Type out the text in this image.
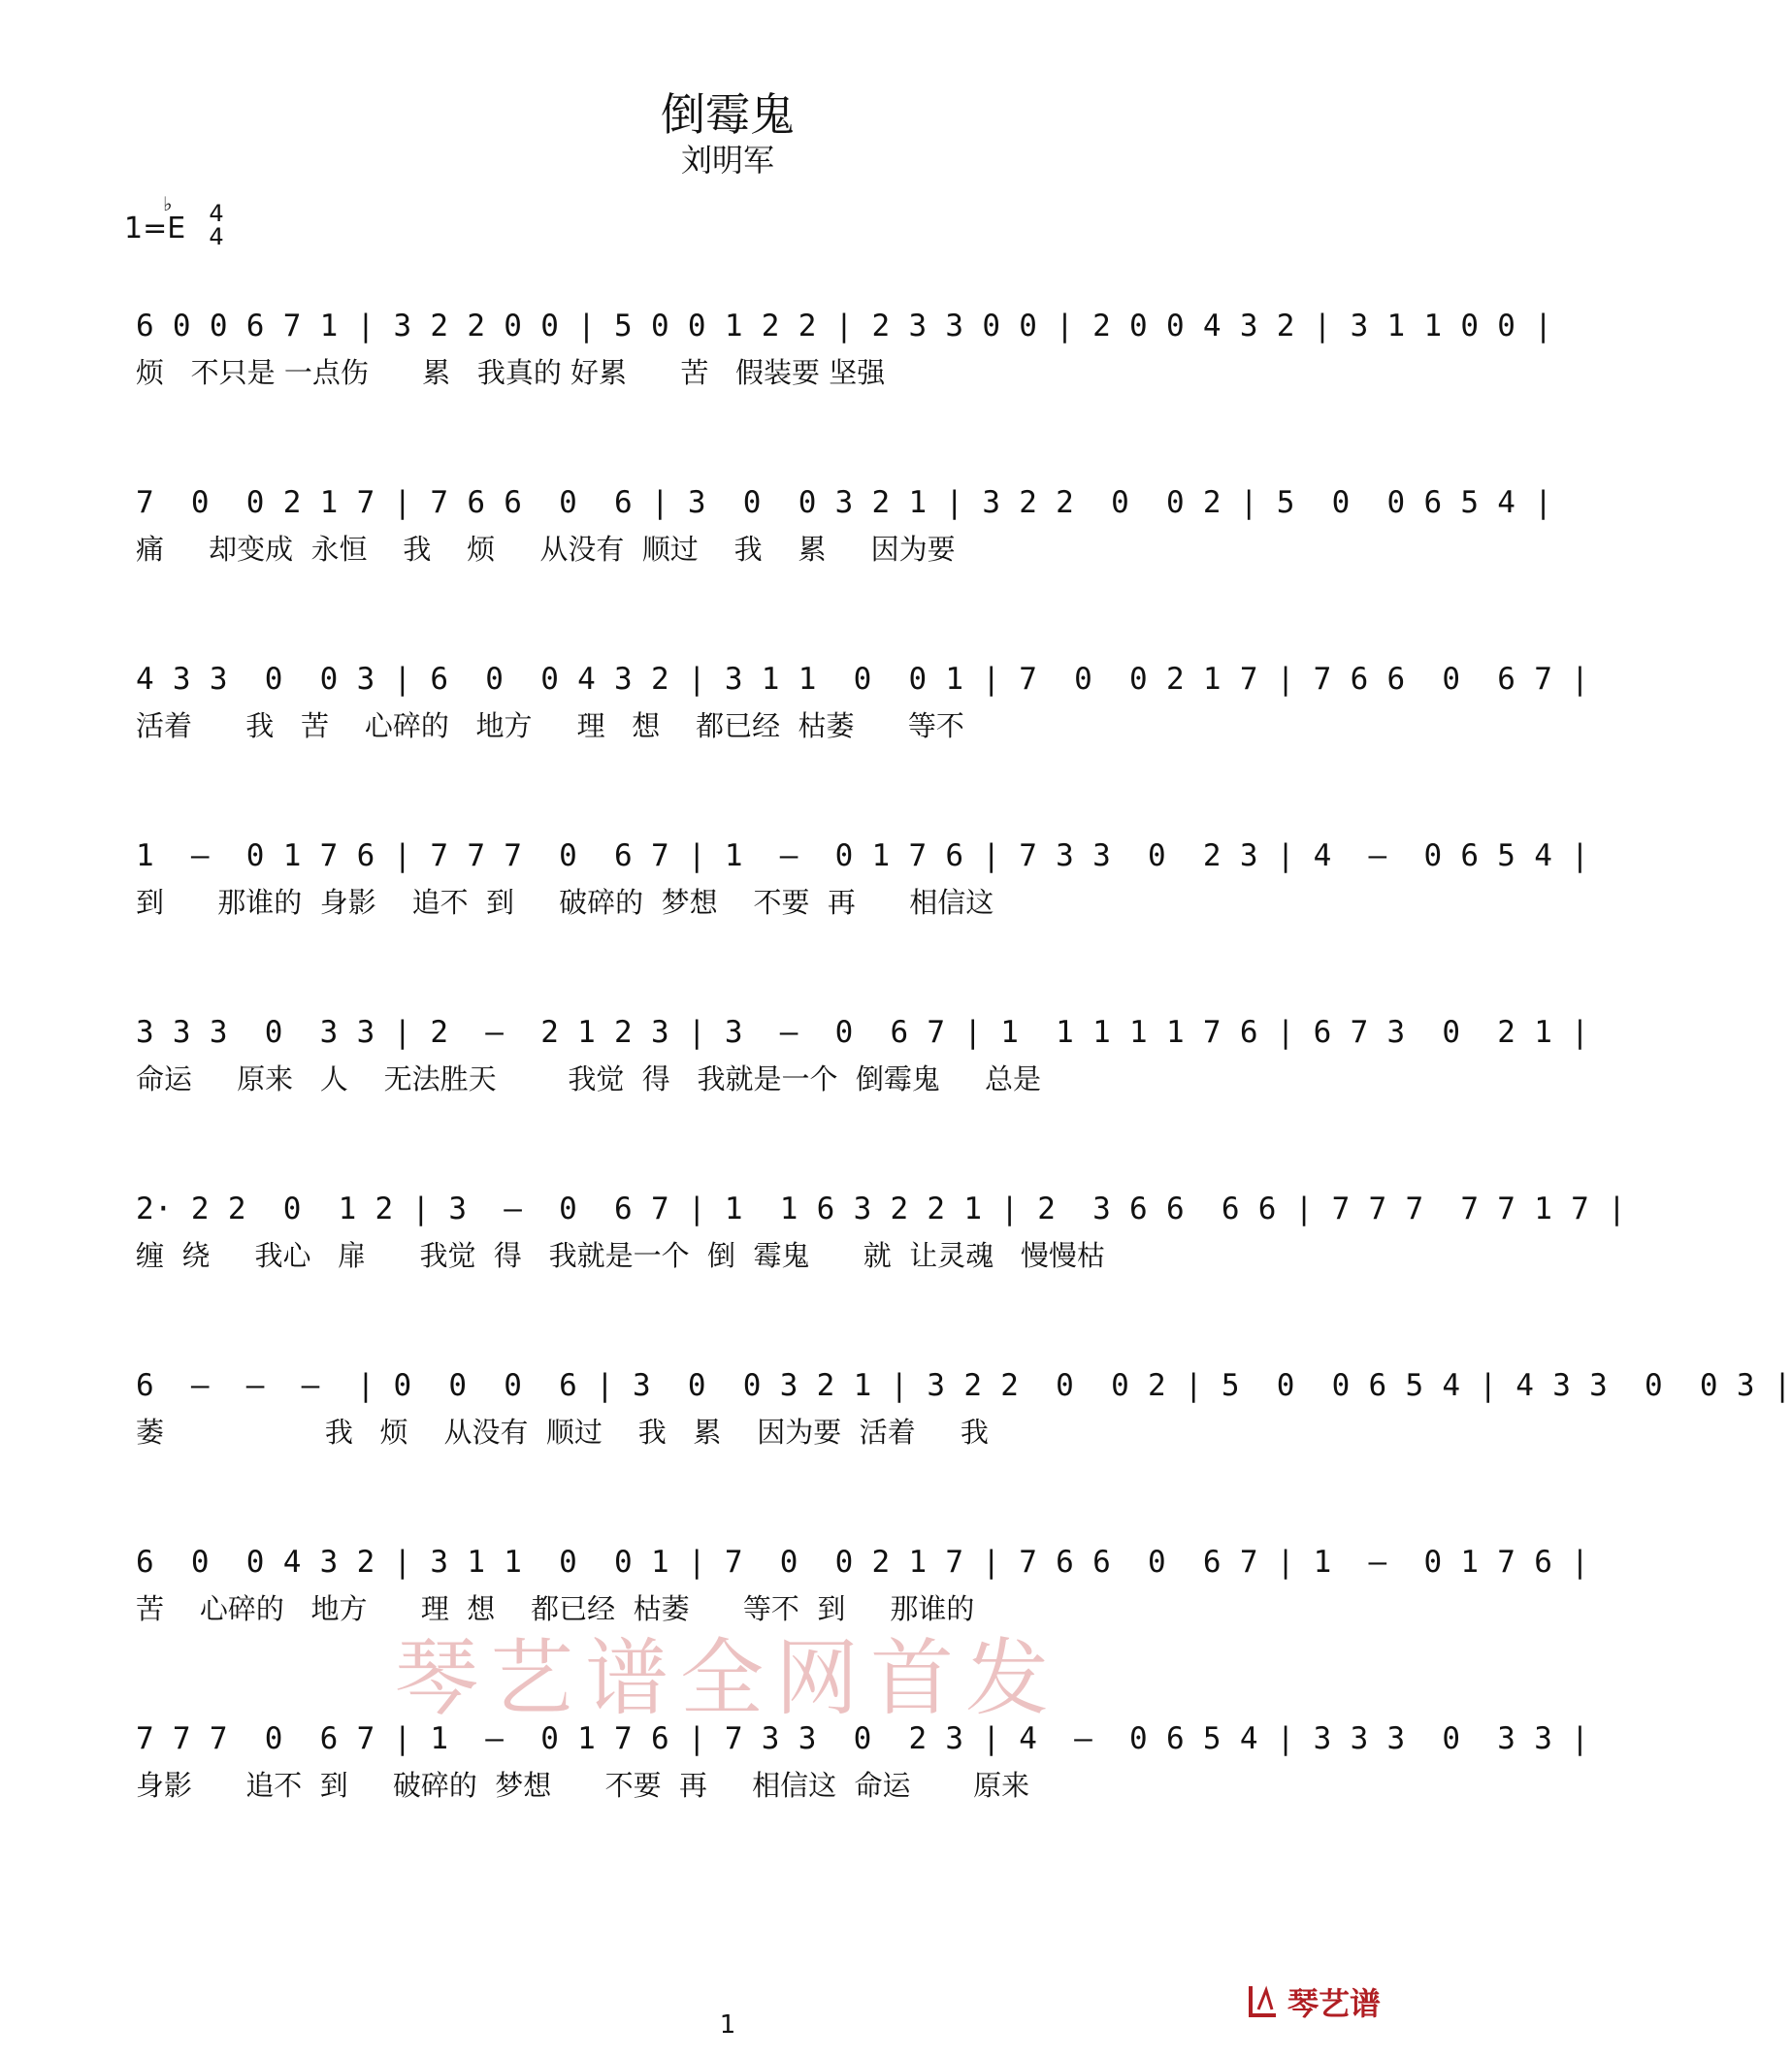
倒霉鬼
刘明军
1=E
♭ 4
4
6 0 0 6 7 1 | 3 2 2 0 0 | 5 0 0 1 2 2 | 2 3 3 0 0 | 2 0 0 4 3 2 | 3 1 1 0 0 |
烦   不只是 一点伤      累   我真的 好累      苦   假装要 坚强
7  0  0 2 1 7 | 7 6 6  0  6 | 3  0  0 3 2 1 | 3 2 2  0  0 2 | 5  0  0 6 5 4 |
痛     却变成  永恒    我    烦     从没有  顺过    我    累     因为要
4 3 3  0  0 3 | 6  0  0 4 3 2 | 3 1 1  0  0 1 | 7  0  0 2 1 7 | 7 6 6  0  6 7 |
活着      我   苦    心碎的   地方     理   想    都已经  枯萎      等不
1  –  0 1 7 6 | 7 7 7  0  6 7 | 1  –  0 1 7 6 | 7 3 3  0  2 3 | 4  –  0 6 5 4 |
到      那谁的  身影    追不  到     破碎的  梦想    不要  再      相信这
3 3 3  0  3 3 | 2  –  2 1 2 3 | 3  –  0  6 7 | 1  1 1 1 1 7 6 | 6 7 3  0  2 1 |
命运     原来   人    无法胜天        我觉  得   我就是一个  倒霉鬼     总是
2· 2 2  0  1 2 | 3  –  0  6 7 | 1  1 6 3 2 2 1 | 2  3 6 6  6 6 | 7 7 7  7 7 1 7 |
缠  绕     我心   扉      我觉  得   我就是一个  倒  霉鬼      就  让灵魂   慢慢枯
6  –  –  –  | 0  0  0  6 | 3  0  0 3 2 1 | 3 2 2  0  0 2 | 5  0  0 6 5 4 | 4 3 3  0  0 3 |
萎                  我   烦    从没有  顺过    我   累    因为要  活着     我
6  0  0 4 3 2 | 3 1 1  0  0 1 | 7  0  0 2 1 7 | 7 6 6  0  6 7 | 1  –  0 1 7 6 |
苦    心碎的   地方      理  想    都已经  枯萎      等不  到     那谁的
7 7 7  0  6 7 | 1  –  0 1 7 6 | 7 3 3  0  2 3 | 4  –  0 6 5 4 | 3 3 3  0  3 3 |
身影      追不  到     破碎的  梦想      不要  再     相信这  命运       原来
琴艺谱全网首发
1
琴艺谱
